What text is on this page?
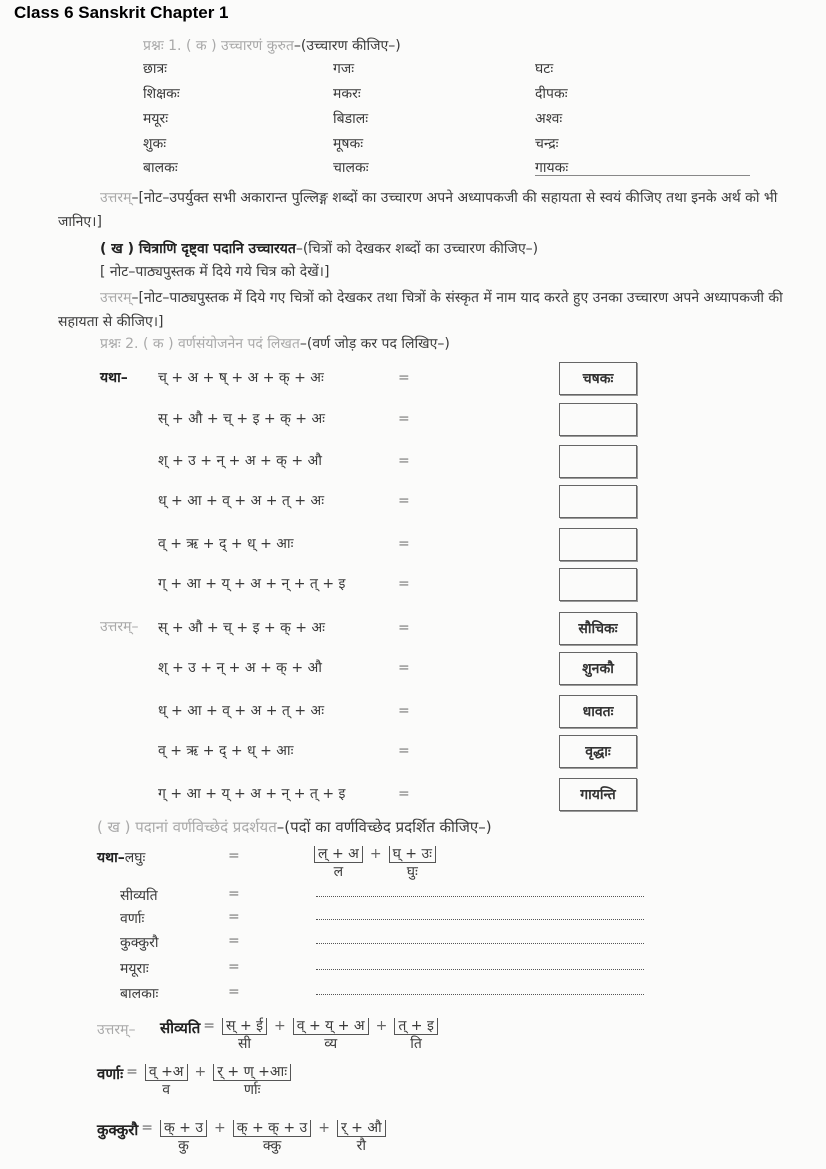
Class 6 Sanskrit Chapter 1
प्रश्नः 1. ( क ) उच्चारणं कुरुत–(उच्चारण कीजिए–)
छात्रः	गजः	घटः
शिक्षकः	मकरः	दीपकः
मयूरः	बिडालः	अश्वः
शुकः	मूषकः	चन्द्रः
बालकः	चालकः	गायकः
उत्तरम्–[नोट–उपर्युक्त सभी अकारान्त पुल्लिङ्ग शब्दों का उच्चारण अपने अध्यापकजी की सहायता से स्वयं कीजिए तथा इनके अर्थ को भी जानिए।]
( ख ) चित्राणि दृष्ट्वा पदानि उच्चारयत–(चित्रों को देखकर शब्दों का उच्चारण कीजिए–)
[ नोट–पाठ्यपुस्तक में दिये गये चित्र को देखें।]
उत्तरम्–[नोट–पाठ्यपुस्तक में दिये गए चित्रों को देखकर तथा चित्रों के संस्कृत में नाम याद करते हुए उनका उच्चारण अपने अध्यापकजी की सहायता से कीजिए।]
प्रश्नः 2. ( क ) वर्णसंयोजनेन पदं लिखत–(वर्ण जोड़ कर पद लिखिए–)
यथा–
उत्तरम्–
च् + अ + ष् + अ + क् + अः	=	चषकः
स् + औ + च् + इ + क् + अः	=
श् + उ + न् + अ + क् + औ	=
ध् + आ + व् + अ + त् + अः	=
व् + ऋ + द् + ध् + आः	=
ग् + आ + य् + अ + न् + त् + इ	=
स् + औ + च् + इ + क् + अः	=	सौचिकः
श् + उ + न् + अ + क् + औ	=	शुनकौ
ध् + आ + व् + अ + त् + अः	=	धावतः
व् + ऋ + द् + ध् + आः	=	वृद्धाः
ग् + आ + य् + अ + न् + त् + इ	=	गायन्ति
( ख ) पदानां वर्णविच्छेदं प्रदर्शयत–(पदों का वर्णविच्छेद प्रदर्शित कीजिए–)
यथा–लघुः	=	$\frac{\text{ल् + अ}}{\text{ल}} + \frac{\text{घ् + उः}}{\text{घुः}}$
सीव्यति	=
वर्णाः	=
कुक्कुरौ	=
मयूराः	=
बालकाः	=
उत्तरम्– सीव्यति = $\frac{\text{स् + ई}}{\text{सी}} + \frac{\text{व् + य् + अ}}{\text{व्य}} + \frac{\text{त् + इ}}{\text{ति}}$
वर्णाः = $\frac{\text{व् +अ}}{\text{व}} + \frac{\text{र् + ण् +आः}}{\text{र्णाः}}$
कुक्कुरौ = $\frac{\text{क् + उ}}{\text{कु}} + \frac{\text{क् + क् + उ}}{\text{क्कु}} + \frac{\text{र् + औ}}{\text{रौ}}$
